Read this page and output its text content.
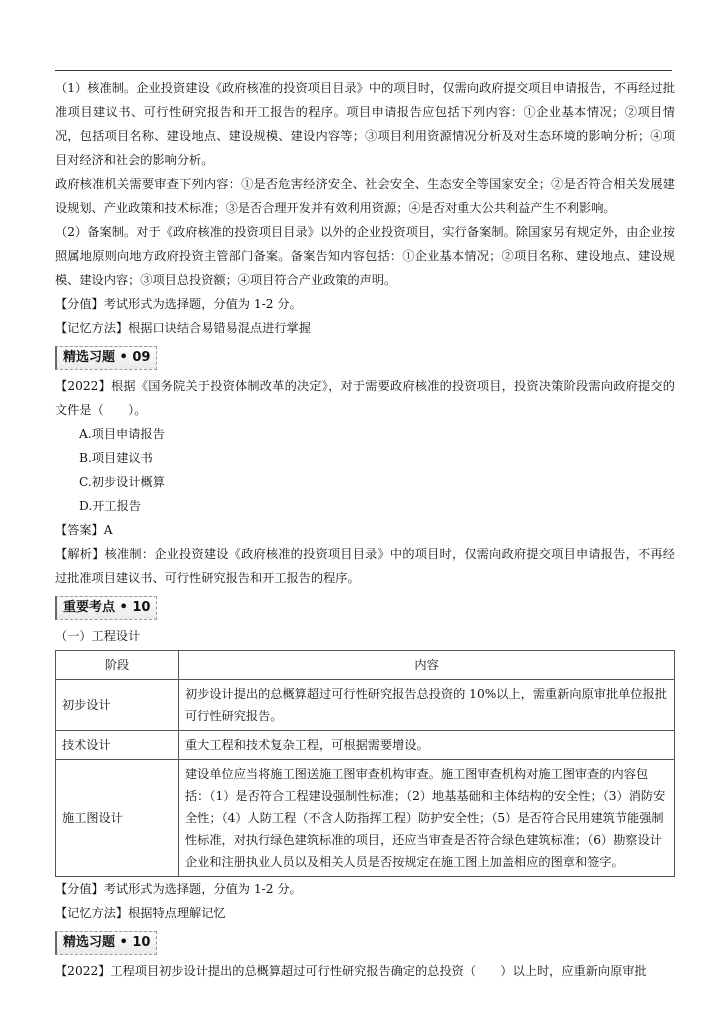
（1）核准制。企业投资建设《政府核准的投资项目目录》中的项目时，仅需向政府提交项目申请报告，不再经过批准项目建议书、可行性研究报告和开工报告的程序。项目申请报告应包括下列内容：①企业基本情况；②项目情况，包括项目名称、建设地点、建设规模、建设内容等；③项目利用资源情况分析及对生态环境的影响分析；④项目对经济和社会的影响分析。

政府核准机关需要审查下列内容：①是否危害经济安全、社会安全、生态安全等国家安全；②是否符合相关发展建设规划、产业政策和技术标准；③是否合理开发并有效利用资源；④是否对重大公共利益产生不利影响。

（2）备案制。对于《政府核准的投资项目目录》以外的企业投资项目，实行备案制。除国家另有规定外，由企业按照属地原则向地方政府投资主管部门备案。备案告知内容包括：①企业基本情况；②项目名称、建设地点、建设规模、建设内容；③项目总投资额；④项目符合产业政策的声明。

【分值】考试形式为选择题，分值为 1-2 分。

【记忆方法】根据口诀结合易错易混点进行掌握

精选习题 • 09

【2022】根据《国务院关于投资体制改革的决定》，对于需要政府核准的投资项目，投资决策阶段需向政府提交的文件是（　　）。

A.项目申请报告

B.项目建议书

C.初步设计概算

D.开工报告

【答案】A

【解析】核准制：企业投资建设《政府核准的投资项目目录》中的项目时，仅需向政府提交项目申请报告，不再经过批准项目建议书、可行性研究报告和开工报告的程序。

重要考点 • 10

（一）工程设计

阶段	内容
初步设计	初步设计提出的总概算超过可行性研究报告总投资的 10%以上，需重新向原审批单位报批可行性研究报告。
技术设计	重大工程和技术复杂工程，可根据需要增设。
施工图设计	建设单位应当将施工图送施工图审查机构审查。施工图审查机构对施工图审查的内容包括：（1）是否符合工程建设强制性标准；（2）地基基础和主体结构的安全性；（3）消防安全性；（4）人防工程（不含人防指挥工程）防护安全性；（5）是否符合民用建筑节能强制性标准，对执行绿色建筑标准的项目，还应当审查是否符合绿色建筑标准；（6）勘察设计企业和注册执业人员以及相关人员是否按规定在施工图上加盖相应的图章和签字。

【分值】考试形式为选择题，分值为 1-2 分。

【记忆方法】根据特点理解记忆

精选习题 • 10

【2022】工程项目初步设计提出的总概算超过可行性研究报告确定的总投资（　　）以上时，应重新向原审批
